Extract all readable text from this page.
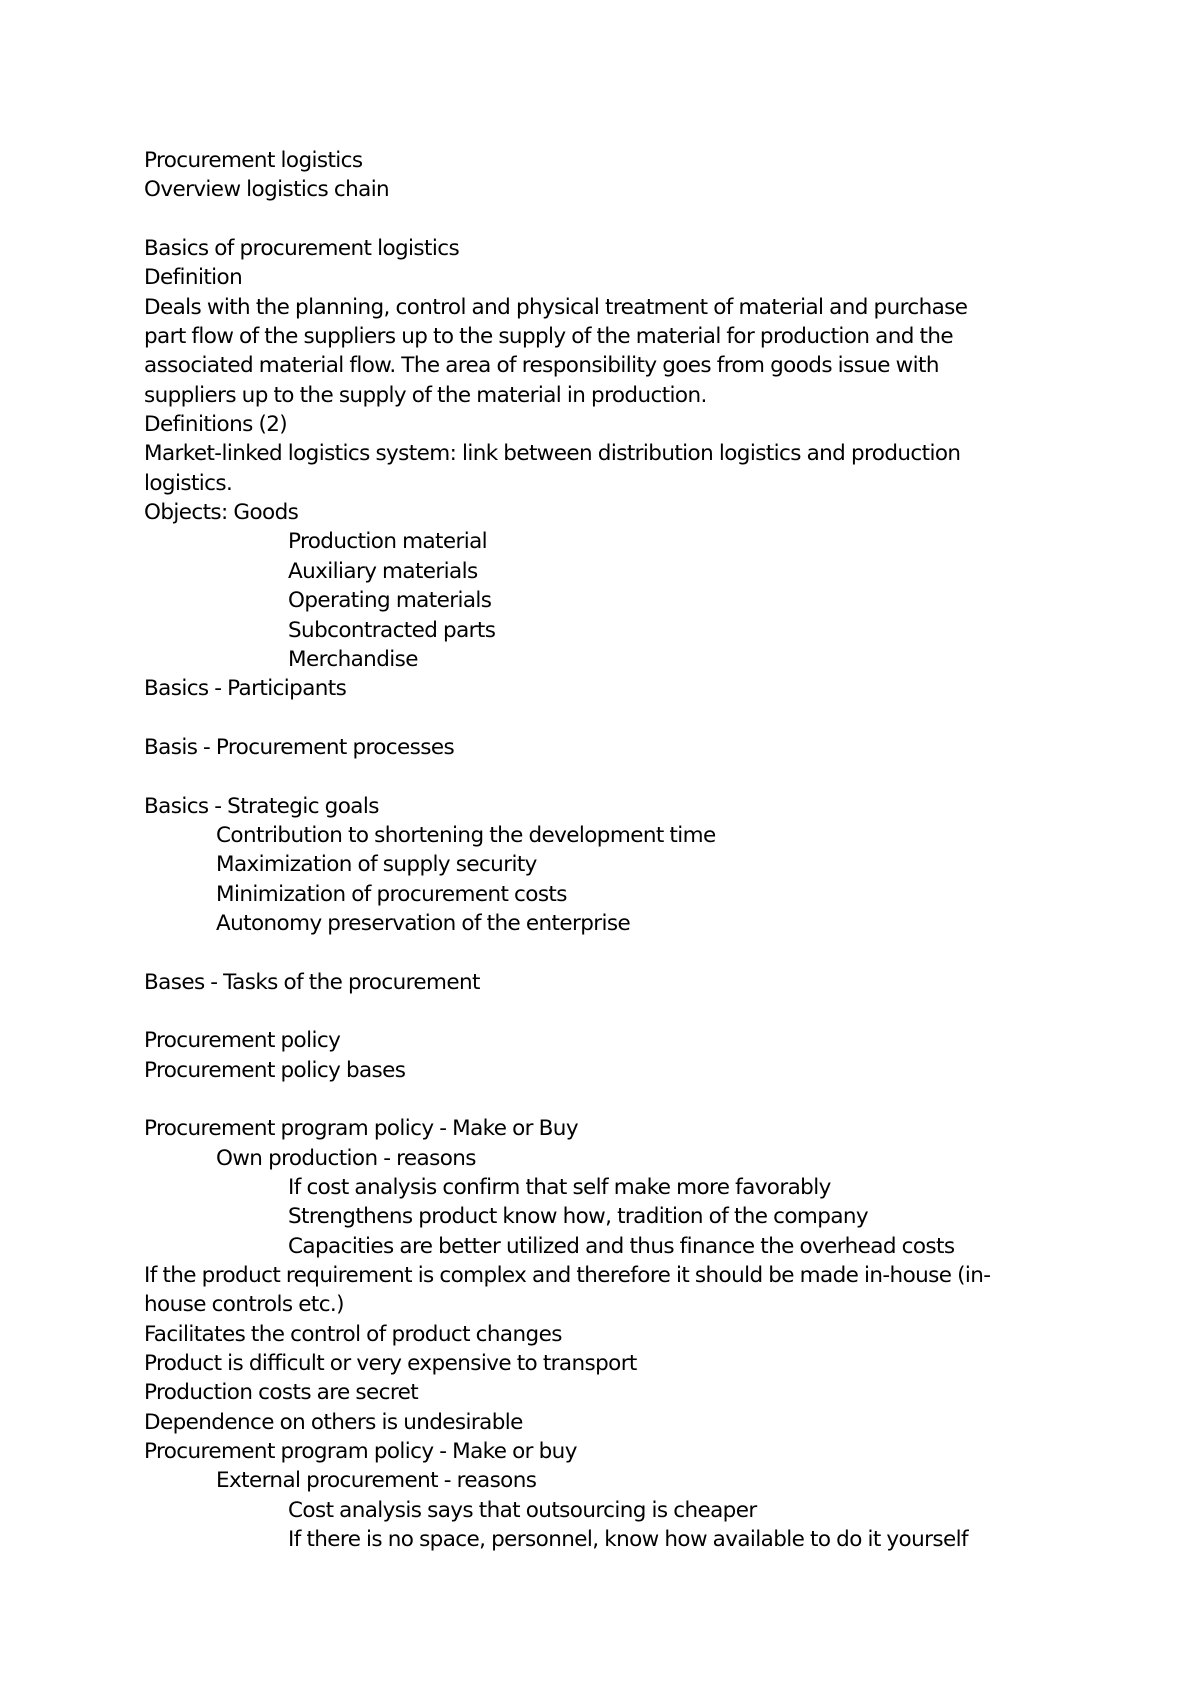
Procurement logistics
Overview logistics chain
Basics of procurement logistics
Definition
Deals with the planning, control and physical treatment of material and purchase
part flow of the suppliers up to the supply of the material for production and the
associated material flow. The area of responsibility goes from goods issue with
suppliers up to the supply of the material in production.
Definitions (2)
Market-linked logistics system: link between distribution logistics and production
logistics.
Objects: Goods
Production material
Auxiliary materials
Operating materials
Subcontracted parts
Merchandise
Basics - Participants
Basis - Procurement processes
Basics - Strategic goals
Contribution to shortening the development time
Maximization of supply security
Minimization of procurement costs
Autonomy preservation of the enterprise
Bases - Tasks of the procurement
Procurement policy
Procurement policy bases
Procurement program policy - Make or Buy
Own production - reasons
If cost analysis confirm that self make more favorably
Strengthens product know how, tradition of the company
Capacities are better utilized and thus finance the overhead costs
If the product requirement is complex and therefore it should be made in-house (in-
house controls etc.)
Facilitates the control of product changes
Product is difficult or very expensive to transport
Production costs are secret
Dependence on others is undesirable
Procurement program policy - Make or buy
External procurement - reasons
Cost analysis says that outsourcing is cheaper
If there is no space, personnel, know how available to do it yourself
